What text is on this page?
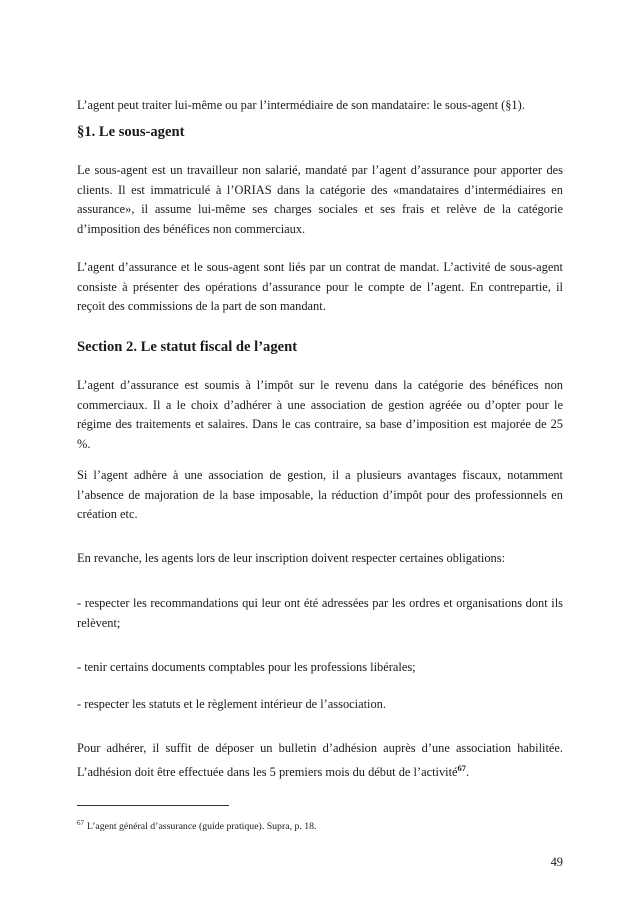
L’agent peut traiter lui-même ou par l’intermédiaire de son mandataire: le sous-agent (§1).

§1. Le sous-agent

Le sous-agent est un travailleur non salarié, mandaté par l’agent d’assurance pour apporter des clients. Il est immatriculé à l’ORIAS dans la catégorie des «mandataires d’intermédiaires en assurance», il assume lui-même ses charges sociales et ses frais et relève de la catégorie d’imposition des bénéfices non commerciaux.

L’agent d’assurance et le sous-agent sont liés par un contrat de mandat. L’activité de sous-agent consiste à présenter des opérations d’assurance pour le compte de l’agent. En contrepartie, il reçoit des commissions de la part de son mandant.

Section 2. Le statut fiscal de l’agent

L’agent d’assurance est soumis à l’impôt sur le revenu dans la catégorie des bénéfices non commerciaux. Il a le choix d’adhérer à une association de gestion agréée ou d’opter pour le régime des traitements et salaires. Dans le cas contraire, sa base d’imposition est majorée de 25 %.

Si l’agent adhère à une association de gestion, il a plusieurs avantages fiscaux, notamment l’absence de majoration de la base imposable, la réduction d’impôt pour des professionnels en création etc.

En revanche, les agents lors de leur inscription doivent respecter certaines obligations:

- respecter les recommandations qui leur ont été adressées par les ordres et organisations dont ils relèvent;

- tenir certains documents comptables pour les professions libérales;

- respecter les statuts et le règlement intérieur de l’association.

Pour adhérer, il suffit de déposer un bulletin d’adhésion auprès d’une association habilitée. L’adhésion doit être effectuée dans les 5 premiers mois du début de l’activité$^{67}$.

$^{67}$ L’agent général d’assurance (guide pratique). Supra, p. 18.
49
